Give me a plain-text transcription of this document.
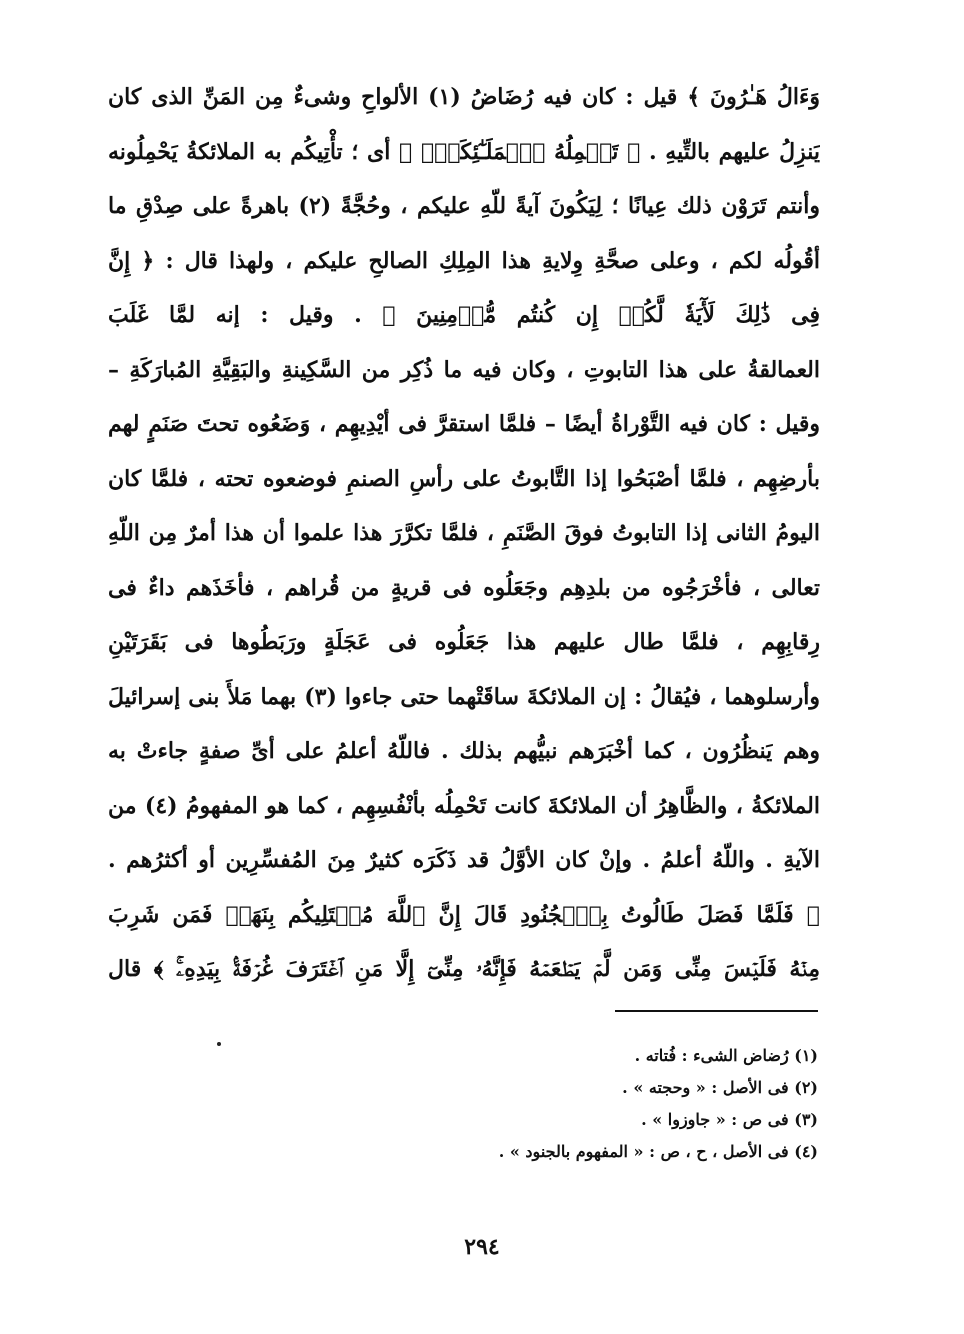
وَءَالُ هَـٰرُونَ ﴾ قيل : كان فيه رُضَاضُ (١) الألواحِ وشىءٌ مِن المَنِّ الذى كان
يَنزِلُ عليهم بالتِّيهِ . ﴿ تَحۡمِلُهُ ٱلۡمَلَـٰٓئِكَةُۚ ﴾ أى ؛ تأْتِيكُم به الملائكةُ يَحْمِلُونه
وأنتم تَرَوْن ذلك عِيانًا ؛ لِيَكُونَ آيةً للّهِ عليكم ، وحُجَّةً (٢) باهرةً على صِدْقِ ما
أقُولُه لكم ، وعلى صحَّةِ وِلايةِ هذا المِلِكِ الصالحِ عليكم ، ولهذا قال : ﴿ إِنَّ
فِى ذَٰلِكَ لَأٓيَةٗ لَّكُمۡ إِن كُنتُم مُّؤۡمِنِينَ ﴾ . وقيل : إنه لمَّا غَلَبَ
العمالقةُ على هذا التابوتِ ، وكان فيه ما ذُكِر من السَّكِينةِ والبَقِيَّةِ المُبارَكَةِ –
وقيل : كان فيه التَّوْراةُ أيضًا – فلمَّا استقرَّ فى أيْدِيهِم ، وَضَعُوه تحتَ صَنَمٍ لهم
بأرضِهِم ، فلمَّا أصْبَحُوا إذا التَّابوتُ على رأسِ الصنمِ فوضعوه تحته ، فلمَّا كان
اليومُ الثانى إذا التابوتُ فوقَ الصَّنَمِ ، فلمَّا تكرَّرَ هذا علموا أن هذا أمرٌ مِن اللّهِ
تعالى ، فأخْرَجُوه من بلدِهِم وجَعَلُوه فى قريةٍ من قُراهم ، فأخَذَهم داءٌ فى
رِقابِهِم ، فلمَّا طال عليهم هذا جَعَلُوه فى عَجَلَةٍ ورَبَطُوها فى بَقَرَتَيْنِ
وأرسلوهما ، فيُقالُ : إن الملائكةَ ساقَتْهما حتى جاءوا (٣) بهما مَلأَ بنى إسرائيلَ
وهم يَنظُرُون ، كما أخْبَرَهم نبيُّهم بذلك . فاللّهُ أعلمُ على أىِّ صفةٍ جاءتْ به
الملائكةُ ، والظَّاهِرُ أن الملائكةَ كانت تَحْمِلُه بأنْفُسِهِم ، كما هو المفهومُ (٤) من
الآيةِ . واللّهُ أعلمُ . وإنْ كان الأوَّلُ قد ذَكَرَه كثيرٌ مِنَ المُفسِّرِين أو أكثرُهم .
﴿ فَلَمَّا فَصَلَ طَالُوتُ بِٱلۡجُنُودِ قَالَ إِنَّ ٱللَّهَ مُبۡتَلِيكُم بِنَهَرٖ فَمَن شَرِبَ
مِنۡهُ فَلَيۡسَ مِنِّى وَمَن لَّمۡ يَطۡعَمۡهُ فَإِنَّهُۥ مِنِّىٓ إِلَّا مَنِ ٱغۡتَرَفَ غُرۡفَةَۢ بِيَدِهِۦۚ ﴾ قال
(١) رُضاض الشىء : فُتاته .
(٢) فى الأصل : « وحجته » .
(٣) فى ص : « جاوزوا » .
(٤) فى الأصل ، ح ، ص : « المفهوم بالجنود » .
٢٩٤
